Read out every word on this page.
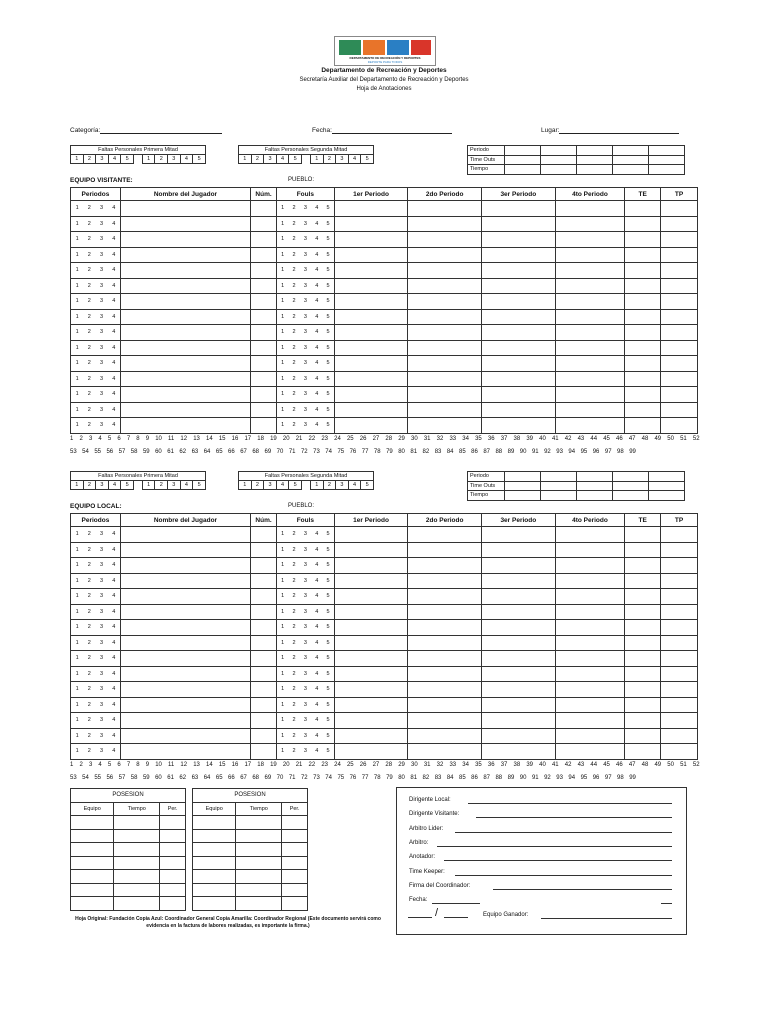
DEPARTAMENTO DE RECREACIÓN Y DEPORTES
DEPORTE PARA TODOS
Departamento de Recreación y Deportes
Secretaría Auxiliar del Departamento de Recreación y Deportes
Hoja de Anotaciones
Categoría:	Fecha:	Lugar:
Faltas Personales Primera Mitad
1	2	3	4	5		1	2	3	4	5
Faltas Personales Segunda Mitad
1	2	3	4	5		1	2	3	4	5
Periodo					
Time Outs					
Tiempo					
EQUIPO VISITANTE:	PUEBLO:
Periodos	Nombre del Jugador	Núm.	Fouls	1er Periodo	2do Periodo	3er Periodo	4to Periodo	TE	TP

1 2 3 4			1 2 3 4 5						

1 2 3 4			1 2 3 4 5						

1 2 3 4			1 2 3 4 5						

1 2 3 4			1 2 3 4 5						

1 2 3 4			1 2 3 4 5						

1 2 3 4			1 2 3 4 5						

1 2 3 4			1 2 3 4 5						

1 2 3 4			1 2 3 4 5						

1 2 3 4			1 2 3 4 5						

1 2 3 4			1 2 3 4 5						

1 2 3 4			1 2 3 4 5						

1 2 3 4			1 2 3 4 5						

1 2 3 4			1 2 3 4 5						

1 2 3 4			1 2 3 4 5						

1 2 3 4			1 2 3 4 5						

1 2 3 4 5 6 7 8 9 10 11 12 13 14 15 16 17 18 19 20 21 22 23 24 25 26 27 28 29 30 31 32 33 34 35 36 37 38 39 40 41 42 43 44 45 46 47 48 49 50 51 52
53 54 55 56 57 58 59 60 61 62 63 64 65 66 67 68 69 70 71 72 73 74 75 76 77 78 79 80 81 82 83 84 85 86 87 88 89 90 91 92 93 94 95 96 97 98 99
Faltas Personales Primera Mitad
1	2	3	4	5		1	2	3	4	5
Faltas Personales Segunda Mitad
1	2	3	4	5		1	2	3	4	5
Periodo					
Time Outs					
Tiempo					
EQUIPO LOCAL:	PUEBLO:
Periodos	Nombre del Jugador	Núm.	Fouls	1er Periodo	2do Periodo	3er Periodo	4to Periodo	TE	TP

1 2 3 4			1 2 3 4 5						

1 2 3 4			1 2 3 4 5						

1 2 3 4			1 2 3 4 5						

1 2 3 4			1 2 3 4 5						

1 2 3 4			1 2 3 4 5						

1 2 3 4			1 2 3 4 5						

1 2 3 4			1 2 3 4 5						

1 2 3 4			1 2 3 4 5						

1 2 3 4			1 2 3 4 5						

1 2 3 4			1 2 3 4 5						

1 2 3 4			1 2 3 4 5						

1 2 3 4			1 2 3 4 5						

1 2 3 4			1 2 3 4 5						

1 2 3 4			1 2 3 4 5						

1 2 3 4			1 2 3 4 5						

1 2 3 4 5 6 7 8 9 10 11 12 13 14 15 16 17 18 19 20 21 22 23 24 25 26 27 28 29 30 31 32 33 34 35 36 37 38 39 40 41 42 43 44 45 46 47 48 49 50 51 52
53 54 55 56 57 58 59 60 61 62 63 64 65 66 67 68 69 70 71 72 73 74 75 76 77 78 79 80 81 82 83 84 85 86 87 88 89 90 91 92 93 94 95 96 97 98 99
POSESION		
Equipo	Tiempo	Per.

POSESION		
Equipo	Tiempo	Per.

Dirigente Local:
Dirigente Visitante:
Arbitro Lider:
Arbitro:
Anotador:
Time Keeper:
Firma del Coordinador:
Fecha:
/	Equipo Ganador:
Hoja Original: Fundación Copia Azul: Coordinador General Copia Amarilla: Coordinador Regional (Este documento servirá como evidencia en la factura de labores realizadas, es importante la firma.)
